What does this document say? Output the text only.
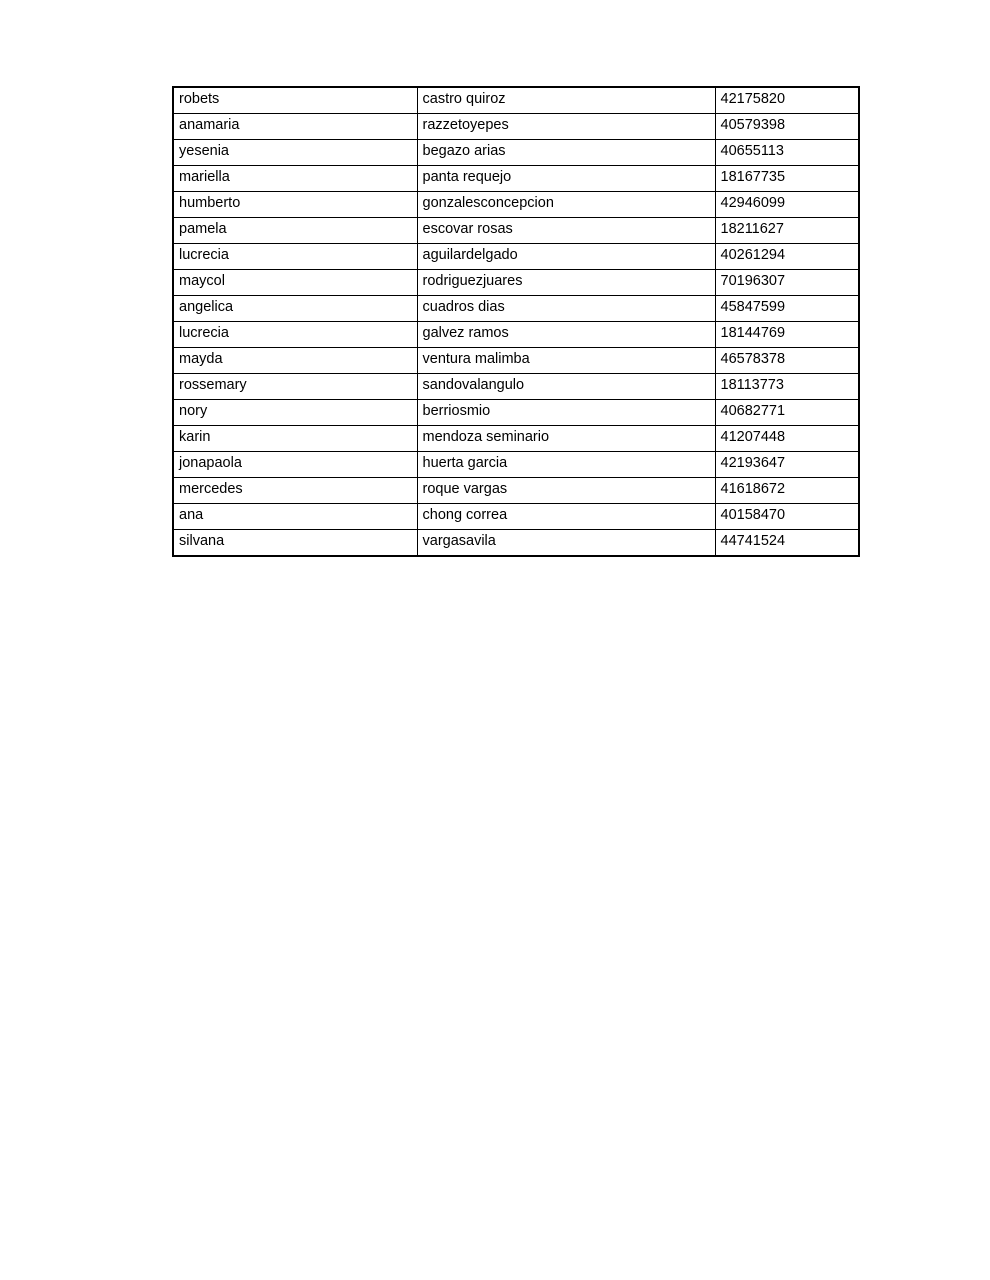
robets	castro quiroz	42175820
anamaria	razzetoyepes	40579398
yesenia	begazo arias	40655113
mariella	panta requejo	18167735
humberto	gonzalesconcepcion	42946099
pamela	escovar rosas	18211627
lucrecia	aguilardelgado	40261294
maycol	rodriguezjuares	70196307
angelica	cuadros dias	45847599
lucrecia	galvez ramos	18144769
mayda	ventura malimba	46578378
rossemary	sandovalangulo	18113773
nory	berriosmio	40682771
karin	mendoza seminario	41207448
jonapaola	huerta garcia	42193647
mercedes	roque vargas	41618672
ana	chong correa	40158470
silvana	vargasavila	44741524
